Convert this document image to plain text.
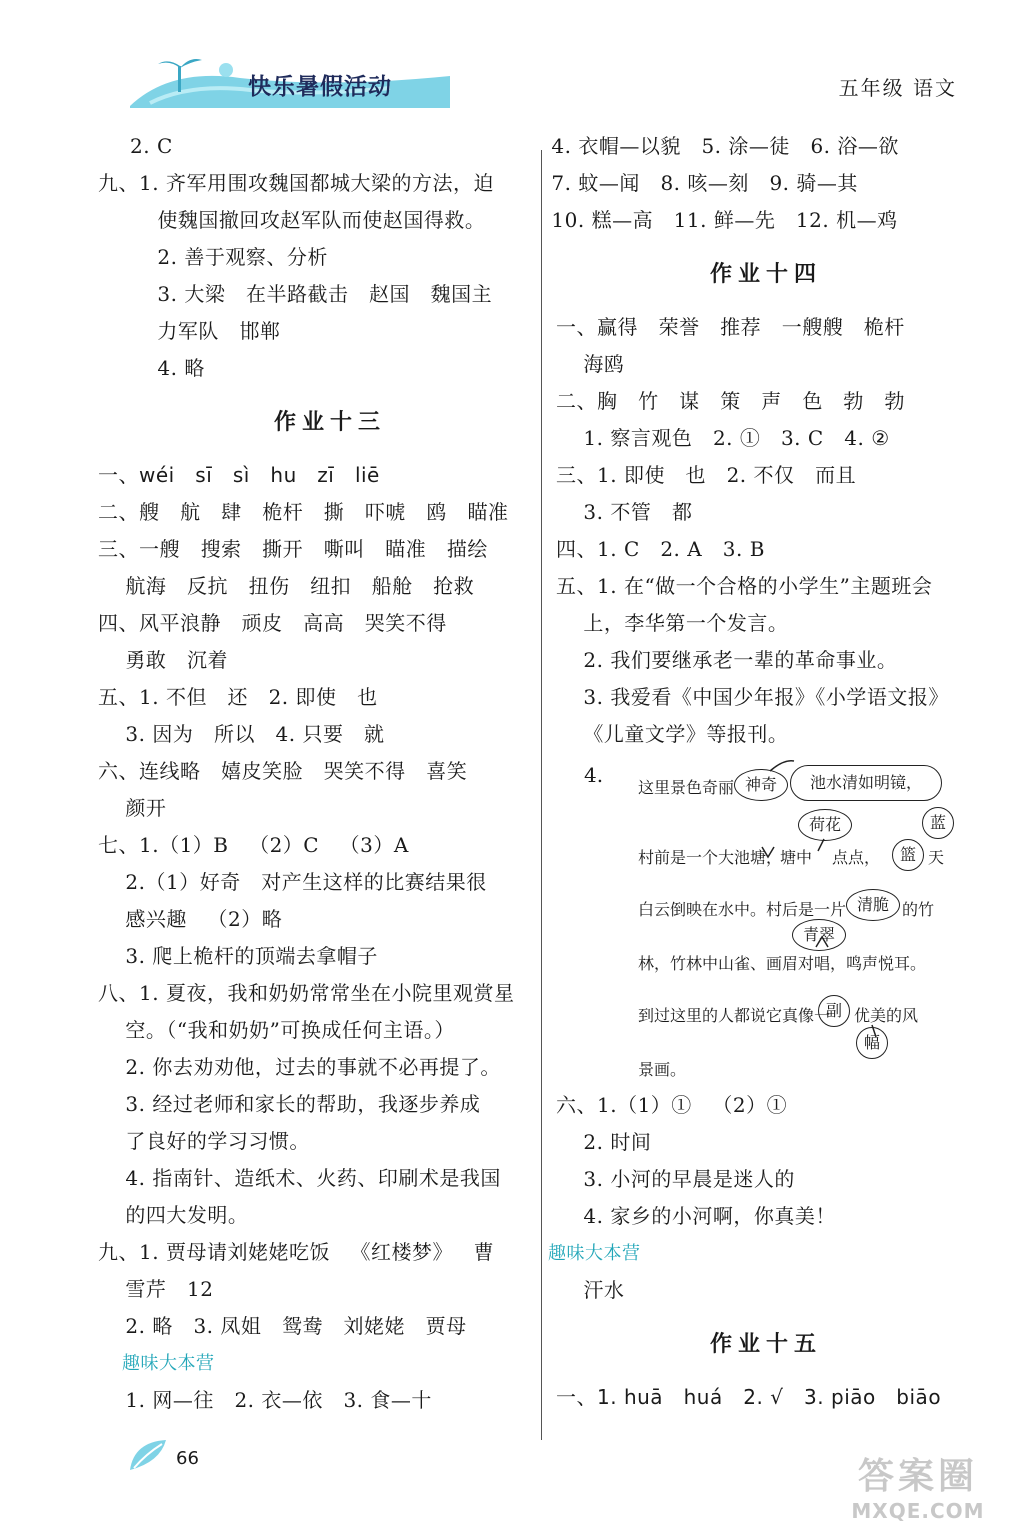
快乐暑假活动	五年级 语文
2. C
九、1. 齐军用围攻魏国都城大梁的方法，迫
使魏国撤回攻赵军队而使赵国得救。
2. 善于观察、分析
3. 大梁   在半路截击   赵国   魏国主
力军队   邯郸
4. 略
作业十三
一、wéi   sī   sì   hu   zī   liē
二、艘   航   肆   桅杆   撕   吓唬   鸥   瞄准
三、一艘   搜索   撕开   嘶叫   瞄准   描绘
航海   反抗   扭伤   纽扣   船舱   抢救
四、风平浪静   顽皮   高高   哭笑不得
勇敢   沉着
五、1. 不但   还   2. 即使   也
3. 因为   所以   4. 只要   就
六、连线略   嬉皮笑脸   哭笑不得   喜笑
颜开
七、1.（1）B   （2）C   （3）A
2.（1）好奇   对产生这样的比赛结果很
感兴趣   （2）略
3. 爬上桅杆的顶端去拿帽子
八、1. 夏夜，我和奶奶常常坐在小院里观赏星
空。（“我和奶奶”可换成任何主语。）
2. 你去劝劝他，过去的事就不必再提了。
3. 经过老师和家长的帮助，我逐步养成
了良好的学习习惯。
4. 指南针、造纸术、火药、印刷术是我国
的四大发明。
九、1. 贾母请刘姥姥吃饭   《红楼梦》   曹
雪芹   12
2. 略   3. 凤姐   鸳鸯   刘姥姥   贾母
趣味大本营
1. 网—往   2. 衣—依   3. 食—十
4. 衣帽—以貌   5. 涂—徒   6. 浴—欲
7. 蚊—闻   8. 咳—刻   9. 骑—其
10. 糕—高   11. 鲜—先   12. 机—鸡
作业十四
一、赢得   荣誉   推荐   一艘艘   桅杆
海鸥
二、胸   竹   谋   策   声   色   勃   勃
1. 察言观色   2. ①   3. C   4. ②
三、1. 即使   也   2. 不仅   而且
3. 不管   都
四、1. C   2. A   3. B
五、1. 在“做一个合格的小学生”主题班会
上，李华第一个发言。
2. 我们要继承老一辈的革命事业。
3. 我爱看《中国少年报》《小学语文报》
《儿童文学》等报刊。
4.
这里景色奇丽 神奇	池水清如明镜，
荷花	蓝
村前是一个大池塘，
塘中 点点，	篮 天
白云倒映在水中。村后是一片 清脆 的竹
青翠
林，竹林中山雀、画眉对唱，鸣声悦耳。
到过这里的人都说它真像一
副 优美的风
幅
景画。
六、1.（1）①   （2）①
2. 时间
3. 小河的早晨是迷人的
4. 家乡的小河啊，你真美！
趣味大本营
汗水
作业十五
一、1. huā   huá   2. √   3. piāo   biāo
66	答案圈
MXQE.COM
